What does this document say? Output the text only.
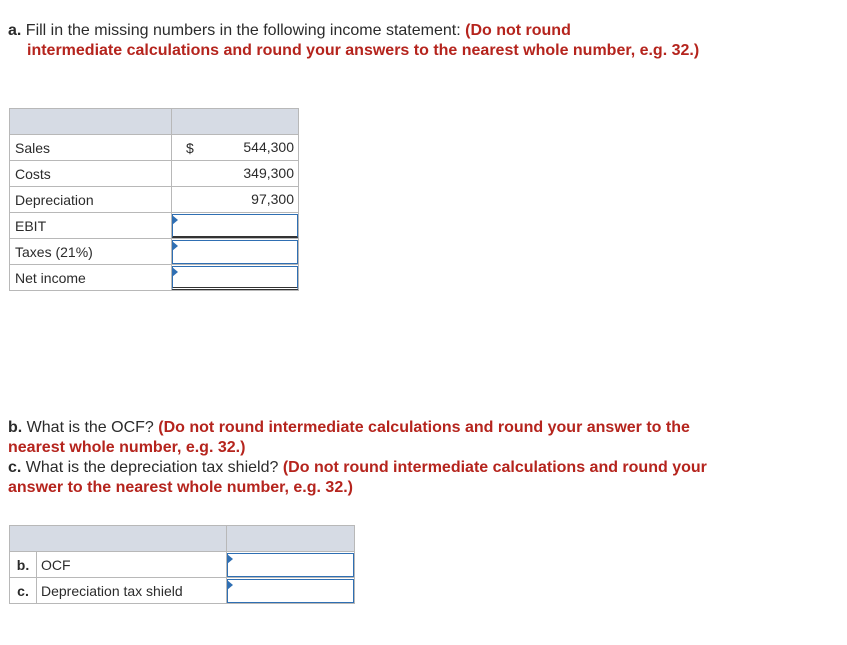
a. Fill in the missing numbers in the following income statement: (Do not round
intermediate calculations and round your answers to the nearest whole number, e.g. 32.)

Sales	$ 544,300

Costs	349,300

Depreciation	97,300

EBIT	

Taxes (21%)	

Net income	
b. What is the OCF? (Do not round intermediate calculations and round your answer to the nearest whole number, e.g. 32.)
c. What is the depreciation tax shield? (Do not round intermediate calculations and round your answer to the nearest whole number, e.g. 32.)

b.	OCF	

c.	Depreciation tax shield	
